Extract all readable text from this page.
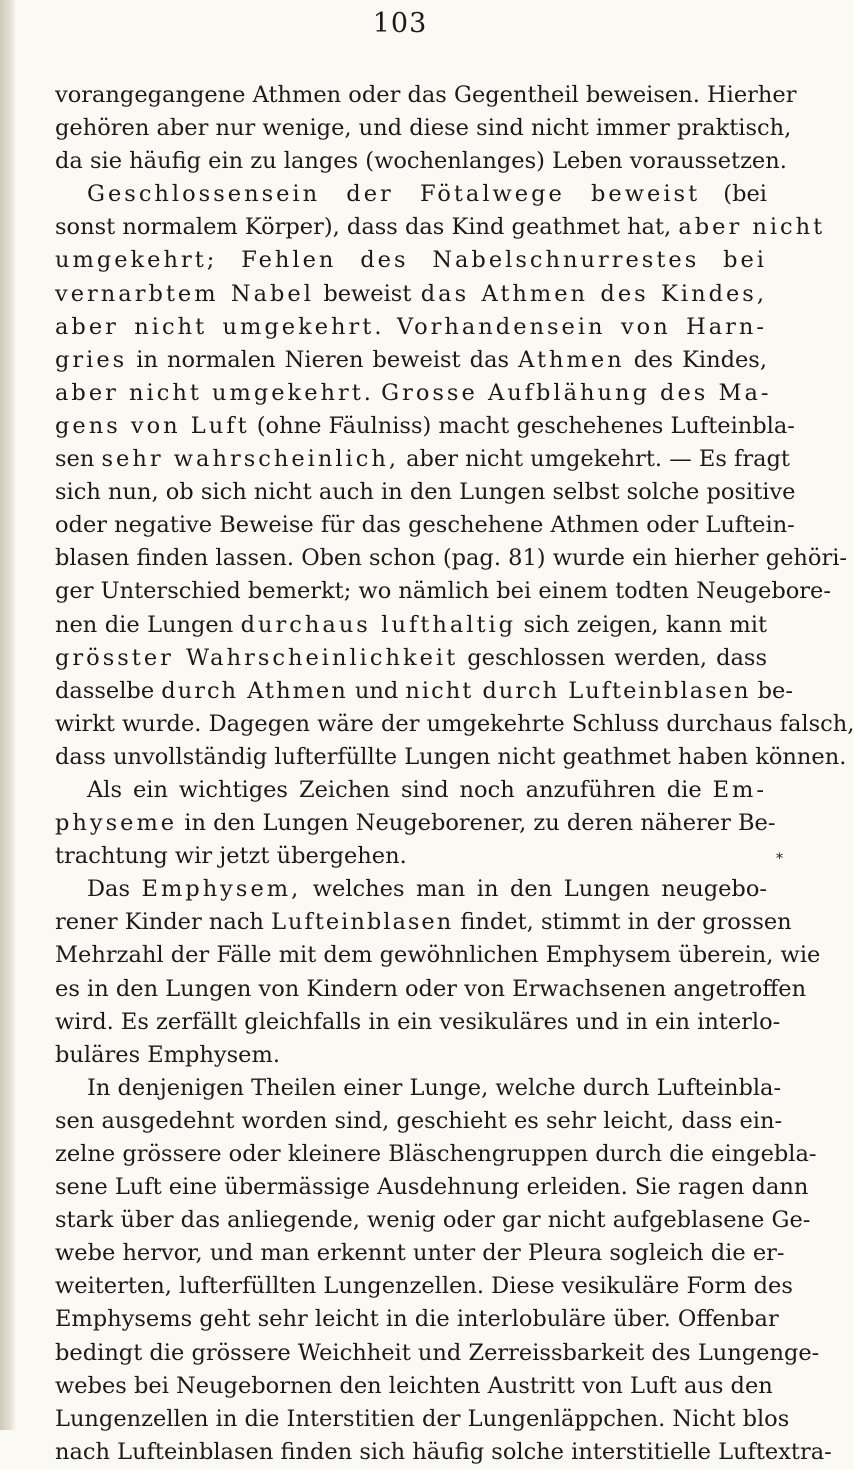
103
vorangegangene Athmen oder das Gegentheil beweisen. Hierher
gehören aber nur wenige, und diese sind nicht immer praktisch,
da sie häufig ein zu langes (wochenlanges) Leben voraussetzen.
Geschlossensein der Fötalwege beweist (bei
sonst normalem Körper), dass das Kind geathmet hat, aber nicht
umgekehrt; Fehlen des Nabelschnurrestes bei
vernarbtem Nabel beweist das Athmen des Kindes,
aber nicht umgekehrt. Vorhandensein von Harn-
gries in normalen Nieren beweist das Athmen des Kindes,
aber nicht umgekehrt. Grosse Aufblähung des Ma-
gens von Luft (ohne Fäulniss) macht geschehenes Lufteinbla-
sen sehr wahrscheinlich, aber nicht umgekehrt. — Es fragt
sich nun, ob sich nicht auch in den Lungen selbst solche positive
oder negative Beweise für das geschehene Athmen oder Luftein-
blasen finden lassen. Oben schon (pag. 81) wurde ein hierher gehöri-
ger Unterschied bemerkt; wo nämlich bei einem todten Neugebore-
nen die Lungen durchaus lufthaltig sich zeigen, kann mit
grösster Wahrscheinlichkeit geschlossen werden, dass
dasselbe durch Athmen und nicht durch Lufteinblasen be-
wirkt wurde. Dagegen wäre der umgekehrte Schluss durchaus falsch,
dass unvollständig lufterfüllte Lungen nicht geathmet haben können.
Als ein wichtiges Zeichen sind noch anzuführen die Em-
physeme in den Lungen Neugeborener, zu deren näherer Be-
trachtung wir jetzt übergehen.
Das Emphysem, welches man in den Lungen neugebo-
rener Kinder nach Lufteinblasen findet, stimmt in der grossen
Mehrzahl der Fälle mit dem gewöhnlichen Emphysem überein, wie
es in den Lungen von Kindern oder von Erwachsenen angetroffen
wird. Es zerfällt gleichfalls in ein vesikuläres und in ein interlo-
buläres Emphysem.
In denjenigen Theilen einer Lunge, welche durch Lufteinbla-
sen ausgedehnt worden sind, geschieht es sehr leicht, dass ein-
zelne grössere oder kleinere Bläschengruppen durch die eingebla-
sene Luft eine übermässige Ausdehnung erleiden. Sie ragen dann
stark über das anliegende, wenig oder gar nicht aufgeblasene Ge-
webe hervor, und man erkennt unter der Pleura sogleich die er-
weiterten, lufterfüllten Lungenzellen. Diese vesikuläre Form des
Emphysems geht sehr leicht in die interlobuläre über. Offenbar
bedingt die grössere Weichheit und Zerreissbarkeit des Lungenge-
webes bei Neugebornen den leichten Austritt von Luft aus den
Lungenzellen in die Interstitien der Lungenläppchen. Nicht blos
nach Lufteinblasen finden sich häufig solche interstitielle Luftextra-
*
